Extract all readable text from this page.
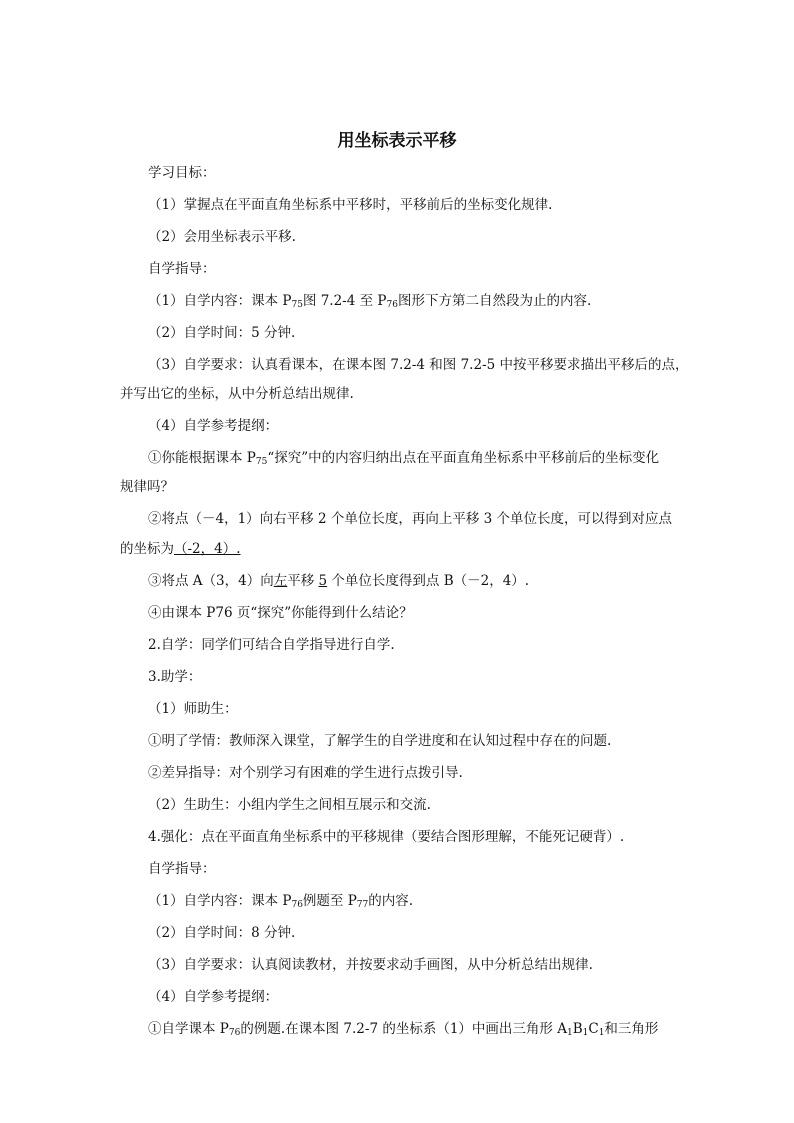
用坐标表示平移
学习目标：
（1）掌握点在平面直角坐标系中平移时，平移前后的坐标变化规律.
（2）会用坐标表示平移.
自学指导：
（1）自学内容：课本 $P_{75}$图 7.2-4 至 $P_{76}$图形下方第二自然段为止的内容.
（2）自学时间：5 分钟.
（3）自学要求：认真看课本，在课本图 7.2-4 和图 7.2-5 中按平移要求描出平移后的点，
并写出它的坐标，从中分析总结出规律.
（4）自学参考提纲：
①你能根据课本 $P_{75}“$探究”中的内容归纳出点在平面直角坐标系中平移前后的坐标变化
规律吗？
②将点（－4，1）向右平移 2 个单位长度，再向上平移 3 个单位长度，可以得到对应点
的坐标为（-2，4）.
③将点 A（3，4）向左平移 5 个单位长度得到点 B（－2，4）.
④由课本 P76 页“探究”你能得到什么结论？
2.自学：同学们可结合自学指导进行自学.
3.助学：
（1）师助生：
①明了学情：教师深入课堂，了解学生的自学进度和在认知过程中存在的问题.
②差异指导：对个别学习有困难的学生进行点拨引导.
（2）生助生：小组内学生之间相互展示和交流.
4.强化：点在平面直角坐标系中的平移规律（要结合图形理解，不能死记硬背）.
自学指导：
（1）自学内容：课本 $P_{76}$例题至 $P_{77}$的内容.
（2）自学时间：8 分钟.
（3）自学要求：认真阅读教材，并按要求动手画图，从中分析总结出规律.
（4）自学参考提纲：
①自学课本 $P_{76}$的例题.在课本图 7.2-7 的坐标系（1）中画出三角形 $A_1B_1C_1$和三角形
